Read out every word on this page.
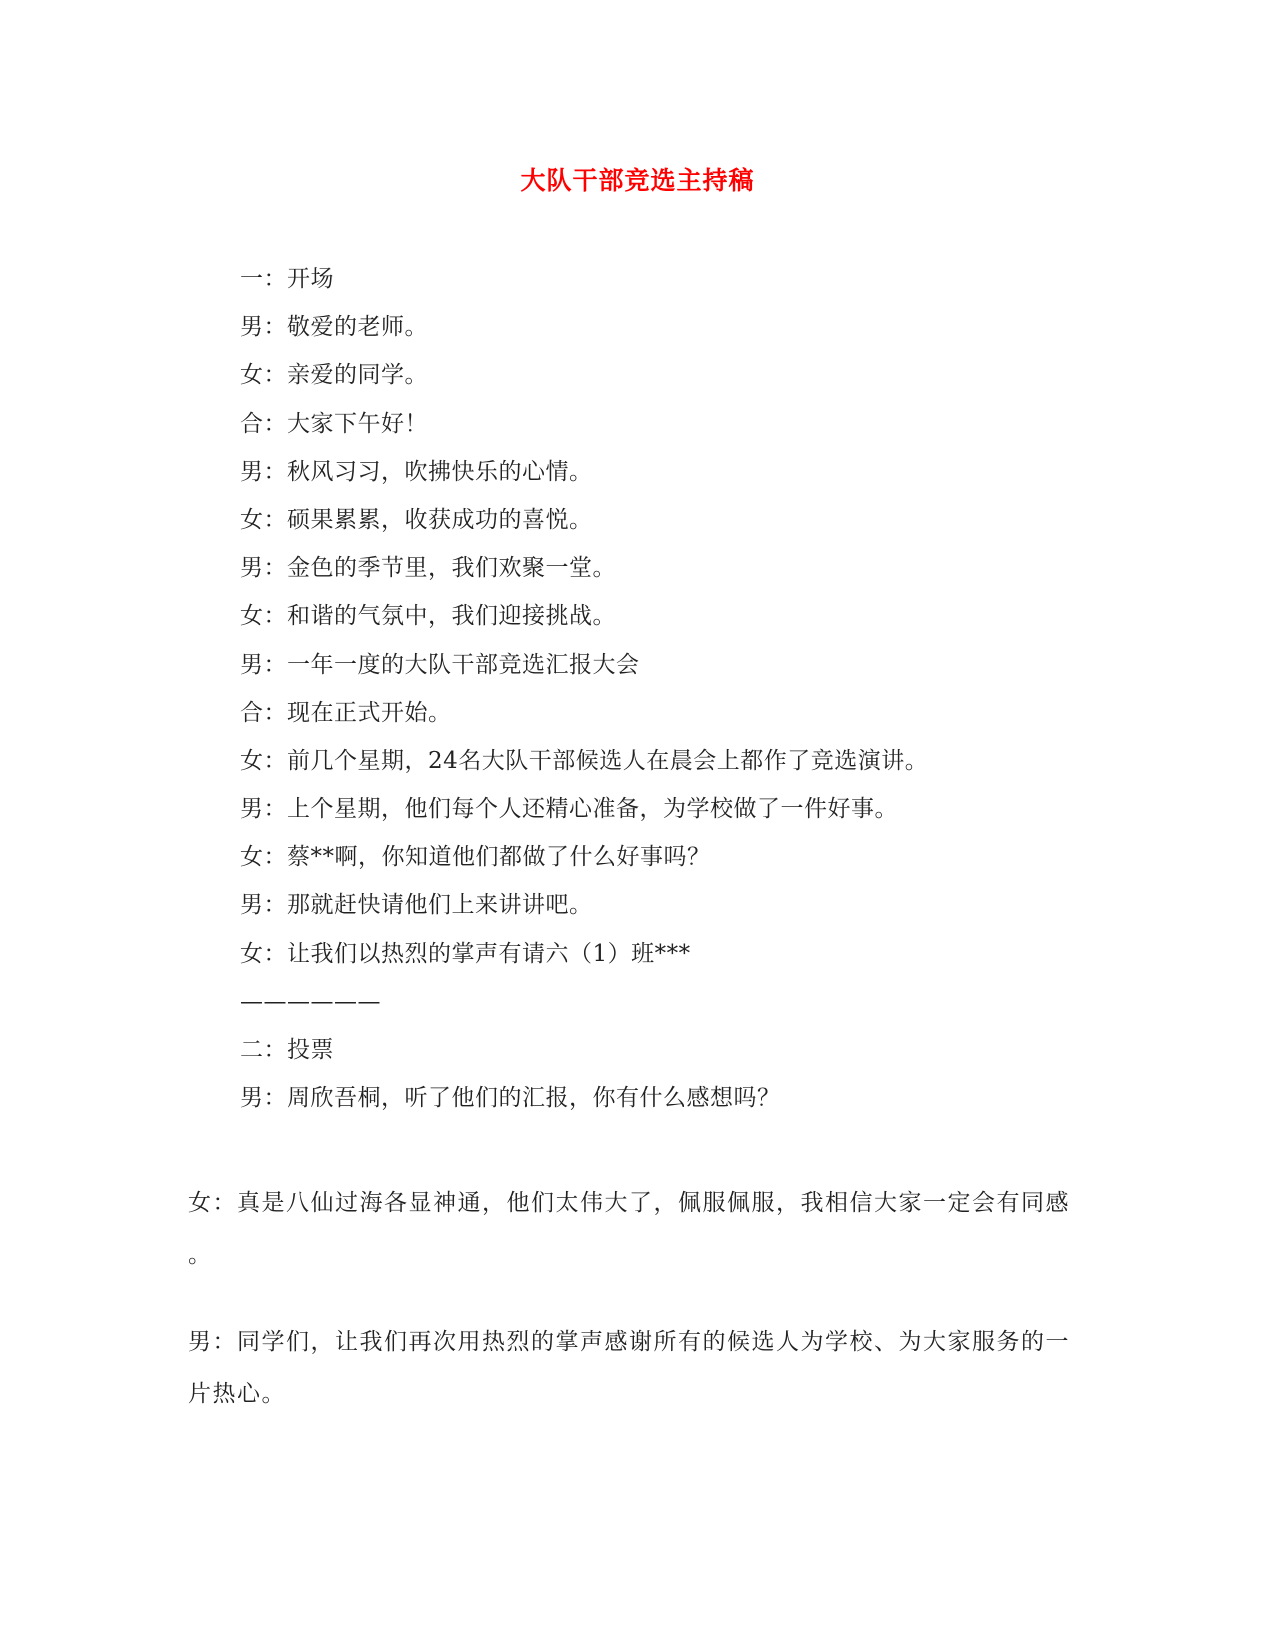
大队干部竞选主持稿
一：开场
男：敬爱的老师。
女：亲爱的同学。
合：大家下午好！
男：秋风习习，吹拂快乐的心情。
女：硕果累累，收获成功的喜悦。
男：金色的季节里，我们欢聚一堂。
女：和谐的气氛中，我们迎接挑战。
男：一年一度的大队干部竞选汇报大会
合：现在正式开始。
女：前几个星期，24名大队干部候选人在晨会上都作了竞选演讲。
男：上个星期，他们每个人还精心准备，为学校做了一件好事。
女：蔡**啊，你知道他们都做了什么好事吗？
男：那就赶快请他们上来讲讲吧。
女：让我们以热烈的掌声有请六（1）班***
——————
二：投票
男：周欣吾桐，听了他们的汇报，你有什么感想吗？
女：真是八仙过海各显神通，他们太伟大了，佩服佩服，我相信大家一定会有同感
。
男：同学们，让我们再次用热烈的掌声感谢所有的候选人为学校、为大家服务的一
片热心。
